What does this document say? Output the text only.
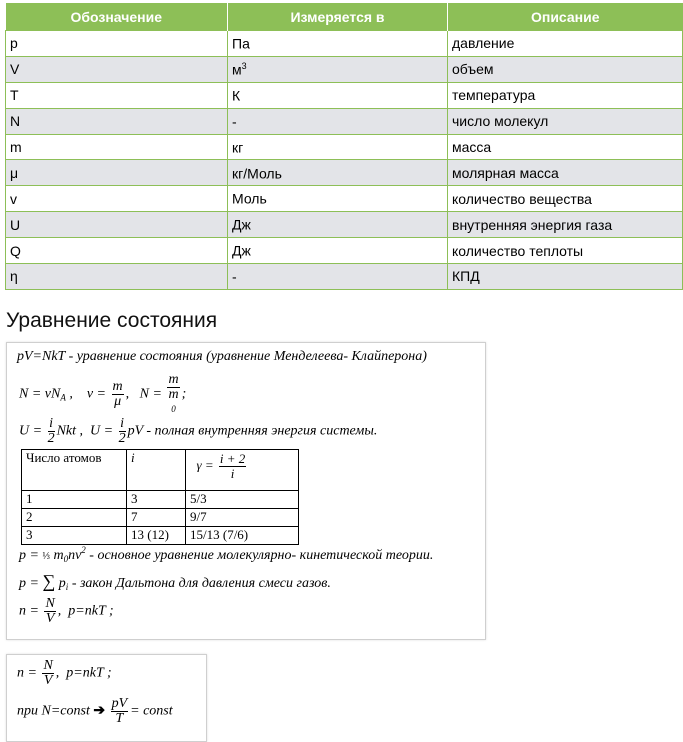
Обозначение	Измеряется в	Описание
p	Па	давление
V	$м^3$	объем
T	К	температура
N	-	число молекул
m	кг	масса
μ	кг/Моль	молярная масса
v	Моль	количество вещества
U	Дж	внутренняя энергия газа
Q	Дж	количество теплоты
η	-	КПД
Уравнение состояния
pV=NkT - уравнение состояния (уравнение Менделеева- Клайперона)
$N = \nu N_A$ ,    $\nu = \frac{m}{\mu}$ ,   N = m
m
0 ;
$U = \frac{i}{2}$ Nkt ,  $U = \frac{i}{2}$ pV - полная внутренняя энергия системы.
Число атомов	i	$\gamma = \frac{i + 2}{i}$

1	3	5/3
2	7	9/7
3	13 (12)	15/13 (7/6)
p = ⅓ $m_0nv^2$ - основное уравнение молекулярно- кинетической теории.
p = ∑ $p_i$ - закон Дальтона для давления смеси газов.
$n = \frac{N}{V}$ ,  p=nkT ;
$n = \frac{N}{V}$ ,  p=nkT ;
при N=const ➔ $\frac{pV}{T}$ = const
